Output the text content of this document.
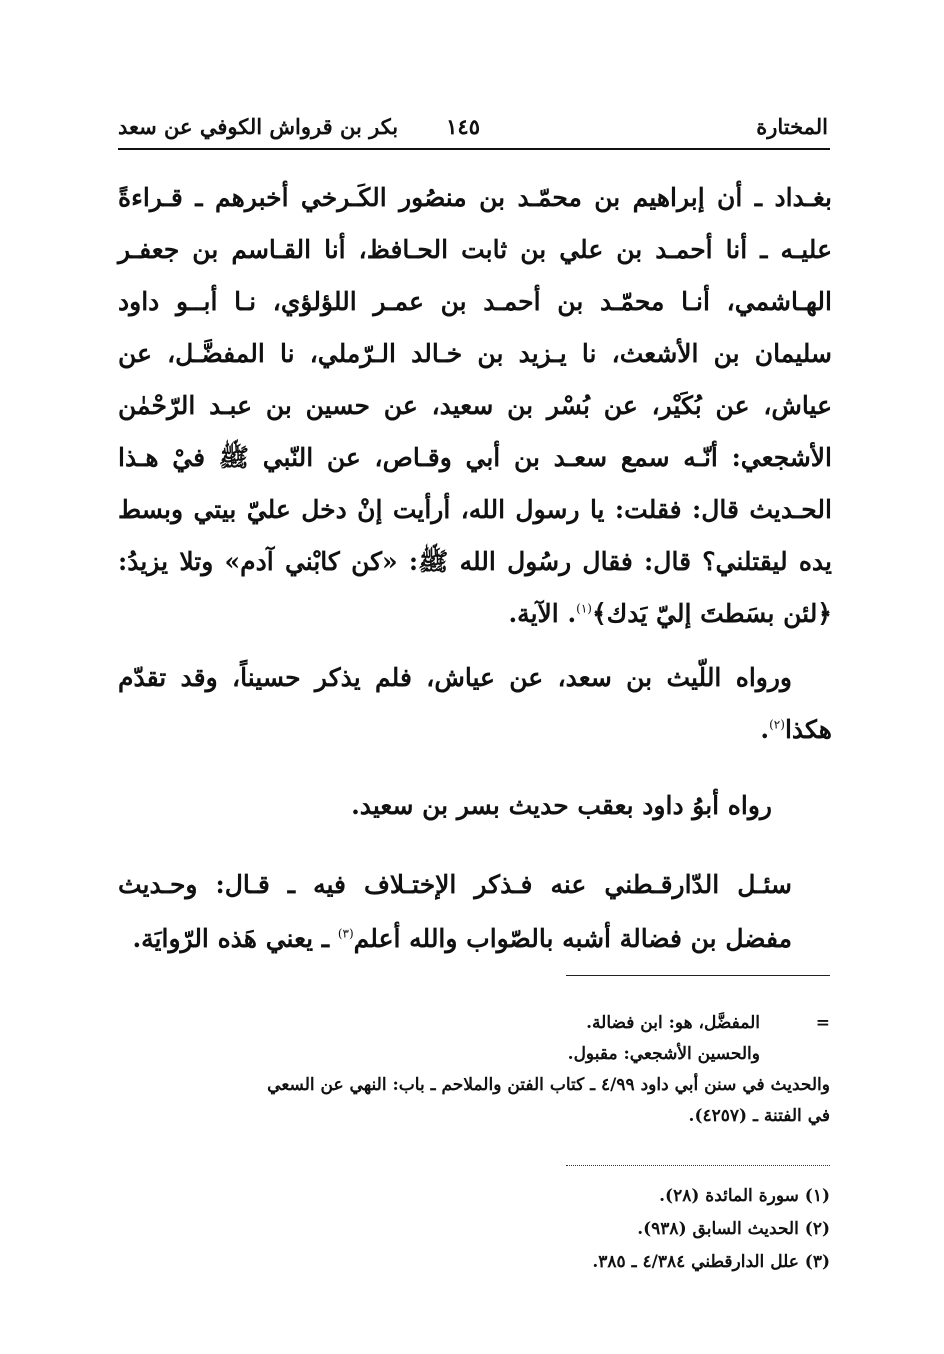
المختارة
١٤٥
بكر بن قرواش الكوفي عن سعد

بغـداد ـ أن إبراهيم بن محمّـد بن منصُور الكَـرخي أخبرهم ـ قـراءةً
عليـه ـ أنا أحمـد بن علي بن ثابت الحـافظ، أنا القـاسم بن جعفـر
الهـاشمي، أنـا محمّـد بن أحمـد بن عمـر اللؤلؤي، نـا أبــو داود
سليمان بن الأشعث، نا يـزيد بن خـالد الـرّملي، نا المفضَّـل، عن
عياش، عن بُكَيْر، عن بُسْر بن سعيد، عن حسين بن عبـد الرّحْمٰن
الأشجعي: أنّـه سمع سعـد بن أبي وقـاص، عن النّبي ﷺ فيْ هـذا
الحـديث قال: فقلت: يا رسول الله، أرأيت إنْ دخل عليّ بيتي وبسط
يده ليقتلني؟ قال: فقال رسُول الله ﷺ: «كن كابْني آدم» وتلا يزيدُ:
﴿لئن بسَطتَ إليّ يَدك﴾$^{(١)}$. الآية.

ورواه اللّيث بن سعد، عن عياش، فلم يذكر حسيناً، وقد تقدّم هكذا$^{(٢)}$.

رواه أبوُ داود بعقب حديث بسر بن سعيد.

سئـل الدّارقـطني عنه فـذكر الإختـلاف فيه ـ قـال: وحـديث
مفضل بن فضالة أشبه بالصّواب والله أعلم$^{(٣)}$ ـ يعني هَذه الرّوايَة.

=
المفضَّل، هو: ابن فضالة.
والحسين الأشجعي: مقبول.
والحديث في سنن أبي داود ٤/٩٩ ـ كتاب الفتن والملاحم ـ باب: النهي عن السعي
في الفتنة ـ (٤٢٥٧).
(١) سورة المائدة (٢٨).
(٢) الحديث السابق (٩٣٨).
(٣) علل الدارقطني ٤/٣٨٤ ـ ٣٨٥.
